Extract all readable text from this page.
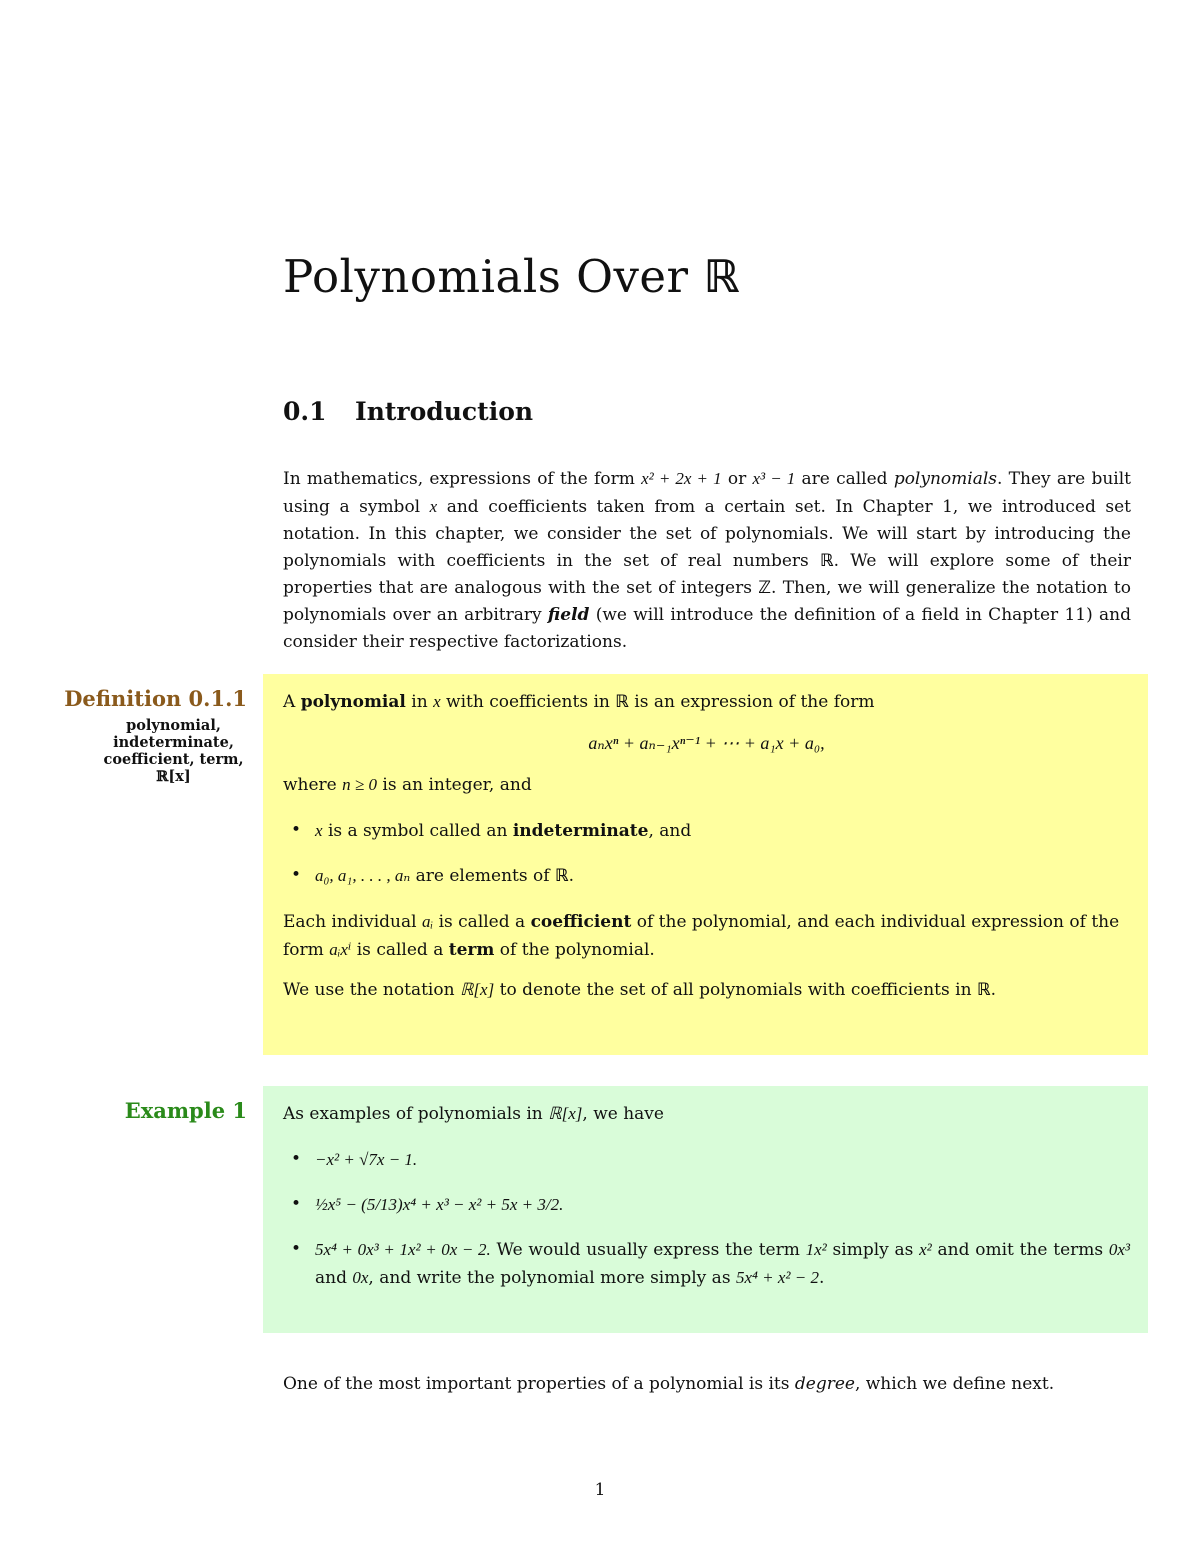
Polynomials Over ℝ
0.1 Introduction

In mathematics, expressions of the form x² + 2x + 1 or x³ − 1 are called polynomials. They are built using a symbol x and coefficients taken from a certain set. In Chapter 1, we introduced set notation. In this chapter, we consider the set of polynomials. We will start by introducing the polynomials with coefficients in the set of real numbers ℝ. We will explore some of their properties that are analogous with the set of integers ℤ. Then, we will generalize the notation to polynomials over an arbitrary field (we will introduce the definition of a field in Chapter 11) and consider their respective factorizations.

Definition 0.1.1
polynomial, indeterminate, coefficient, term, ℝ[x]

A polynomial in x with coefficients in ℝ is an expression of the form

aₙxⁿ + aₙ₋₁xⁿ⁻¹ + ⋯ + a₁x + a₀,

where n ≥ 0 is an integer, and

• x is a symbol called an indeterminate, and
• a₀, a₁, . . . , aₙ are elements of ℝ.

Each individual aᵢ is called a coefficient of the polynomial, and each individual expression of the form aᵢxⁱ is called a term of the polynomial.

We use the notation ℝ[x] to denote the set of all polynomials with coefficients in ℝ.

Example 1 As examples of polynomials in ℝ[x], we have

• −x² + √7x − 1.
• ½x⁵ − (5/13)x⁴ + x³ − x² + 5x + 3/2.
• 5x⁴ + 0x³ + 1x² + 0x − 2. We would usually express the term 1x² simply as x² and omit the terms 0x³ and 0x, and write the polynomial more simply as 5x⁴ + x² − 2.

One of the most important properties of a polynomial is its degree, which we define next.

1
